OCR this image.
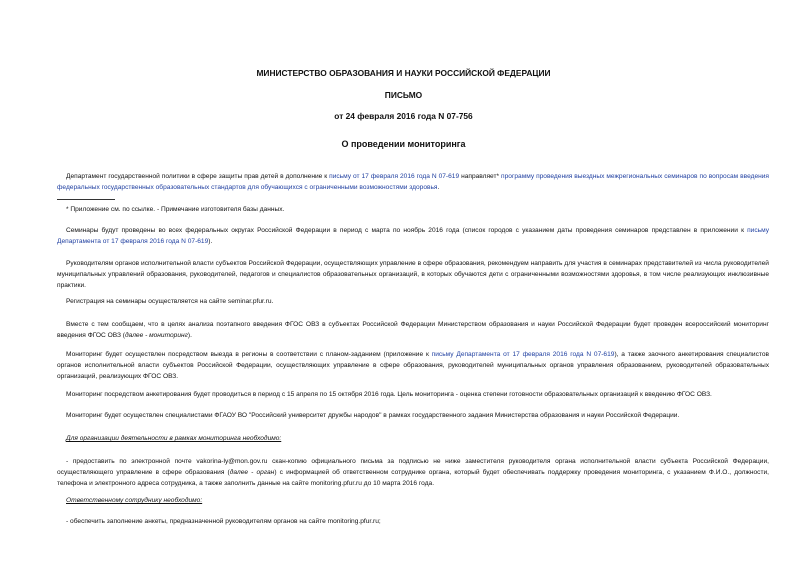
МИНИСТЕРСТВО ОБРАЗОВАНИЯ И НАУКИ РОССИЙСКОЙ ФЕДЕРАЦИИ
ПИСЬМО
от 24 февраля 2016 года N 07-756
О проведении мониторинга

Департамент государственной политики в сфере защиты прав детей в дополнение к письму от 17 февраля 2016 года N 07-619 направляет* программу проведения выездных межрегиональных семинаров по вопросам введения федеральных государственных образовательных стандартов для обучающихся с ограниченными возможностями здоровья.

* Приложение см. по ссылке. - Примечание изготовителя базы данных.

Семинары будут проведены во всех федеральных округах Российской Федерации в период с марта по ноябрь 2016 года (список городов с указанием даты проведения семинаров представлен в приложении к письму Департамента от 17 февраля 2016 года N 07-619).

Руководителям органов исполнительной власти субъектов Российской Федерации, осуществляющих управление в сфере образования, рекомендуем направить для участия в семинарах представителей из числа руководителей муниципальных управлений образования, руководителей, педагогов и специалистов образовательных организаций, в которых обучаются дети с ограниченными возможностями здоровья, в том числе реализующих инклюзивные практики.

Регистрация на семинары осуществляется на сайте seminar.pfur.ru.

Вместе с тем сообщаем, что в целях анализа поэтапного введения ФГОС ОВЗ в субъектах Российской Федерации Министерством образования и науки Российской Федерации будет проведен всероссийский мониторинг введения ФГОС ОВЗ (далее - мониторинг).

Мониторинг будет осуществлен посредством выезда в регионы в соответствии с планом-заданием (приложение к письму Департамента от 17 февраля 2016 года N 07-619), а также заочного анкетирования специалистов органов исполнительной власти субъектов Российской Федерации, осуществляющих управление в сфере образования, руководителей муниципальных органов управления образованием, руководителей образовательных организаций, реализующих ФГОС ОВЗ.

Мониторинг посредством анкетирования будет проводиться в период с 15 апреля по 15 октября 2016 года. Цель мониторинга - оценка степени готовности образовательных организаций к введению ФГОС ОВЗ.

Мониторинг будет осуществлен специалистами ФГАОУ ВО "Российский университет дружбы народов" в рамках государственного задания Министерства образования и науки Российской Федерации.

Для организации деятельности в рамках мониторинга необходимо:

- предоставить по электронной почте vakorina-ly@mon.gov.ru скан-копию официального письма за подписью не ниже заместителя руководителя органа исполнительной власти субъекта Российской Федерации, осуществляющего управление в сфере образования (далее - орган) с информацией об ответственном сотруднике органа, который будет обеспечивать поддержку проведения мониторинга, с указанием Ф.И.О., должности, телефона и электронного адреса сотрудника, а также заполнить данные на сайте monitoring.pfur.ru до 10 марта 2016 года.

Ответственному сотруднику необходимо:

- обеспечить заполнение анкеты, предназначенной руководителям органов на сайте monitoring.pfur.ru;
